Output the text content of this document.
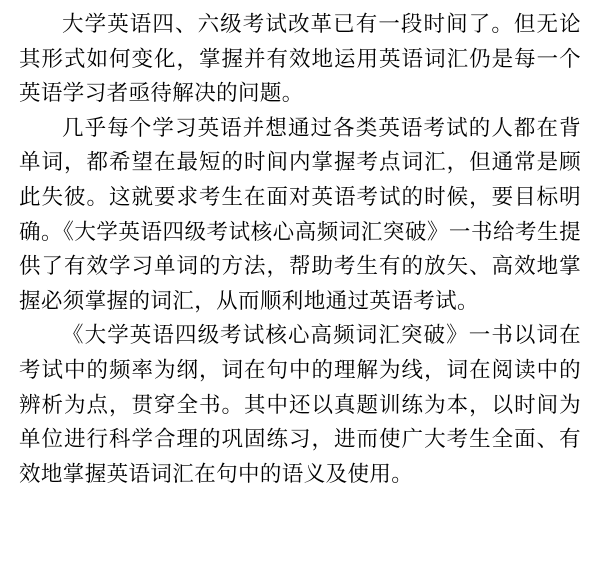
大学英语四、六级考试改革已有一段时间了。但无论其形式如何变化，掌握并有效地运用英语词汇仍是每一个英语学习者亟待解决的问题。

几乎每个学习英语并想通过各类英语考试的人都在背单词，都希望在最短的时间内掌握考点词汇，但通常是顾此失彼。这就要求考生在面对英语考试的时候，要目标明确。《大学英语四级考试核心高频词汇突破》一书给考生提供了有效学习单词的方法，帮助考生有的放矢、高效地掌握必须掌握的词汇，从而顺利地通过英语考试。

《大学英语四级考试核心高频词汇突破》一书以词在考试中的频率为纲，词在句中的理解为线，词在阅读中的辨析为点，贯穿全书。其中还以真题训练为本，以时间为单位进行科学合理的巩固练习，进而使广大考生全面、有效地掌握英语词汇在句中的语义及使用。
